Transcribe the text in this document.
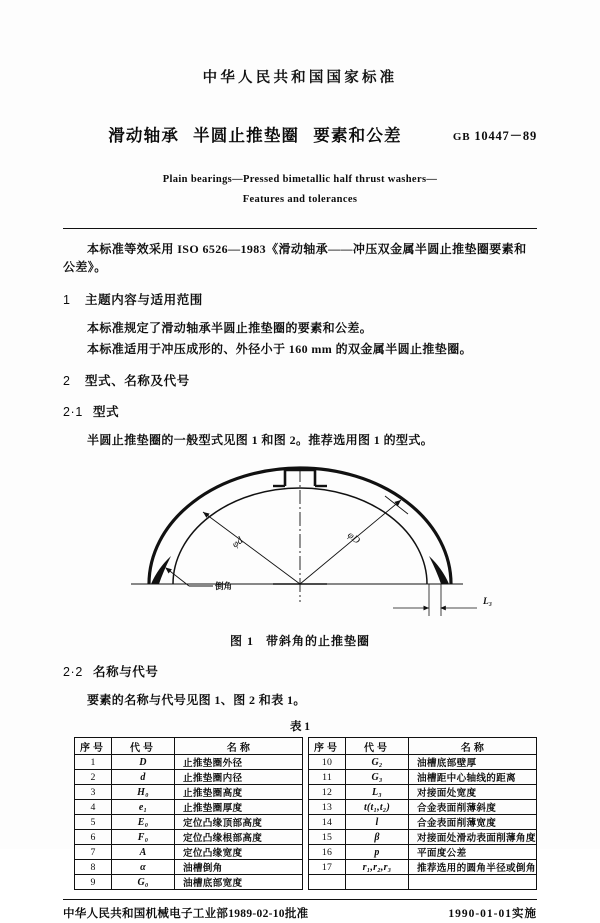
中华人民共和国国家标准
滑动轴承 半圆止推垫圈 要素和公差	GB 10447－89
Plain bearings—Pressed bimetallic half thrust washers—
Features and tolerances
本标准等效采用 ISO 6526—1983《滑动轴承——冲压双金属半圆止推垫圈要素和公差》。
1 主题内容与适用范围
本标准规定了滑动轴承半圆止推垫圈的要素和公差。
本标准适用于冲压成形的、外径小于 160 mm 的双金属半圆止推垫圈。
2 型式、名称及代号
2·1 型式
半圆止推垫圈的一般型式见图 1 和图 2。推荐选用图 1 的型式。
φd	φD
倒角
L₃
图 1 带斜角的止推垫圈
2·2 名称与代号
要素的名称与代号见图 1、图 2 和表 1。
表 1
序号	代号	名 称		序号	代号	名 称
1	D	止推垫圈外径		10	G₂	油槽底部壁厚
2	d	止推垫圈内径		11	G₃	油槽距中心轴线的距离
3	H₀	止推垫圈高度		12	L₃	对接面处宽度
4	e₁	止推垫圈厚度		13	t(t₁,t₂)	合金表面削薄斜度
5	E₀	定位凸缘顶部高度		14	l	合金表面削薄宽度
6	F₀	定位凸缘根部高度		15	β	对接面处滑动表面削薄角度
7	A	定位凸缘宽度		16	p	平面度公差
8	α	油槽倒角		17	r₁,r₂,r₃	推荐选用的圆角半径或倒角
9	G₀	油槽底部宽度				
中华人民共和国机械电子工业部1989-02-10批准	1990-01-01实施
